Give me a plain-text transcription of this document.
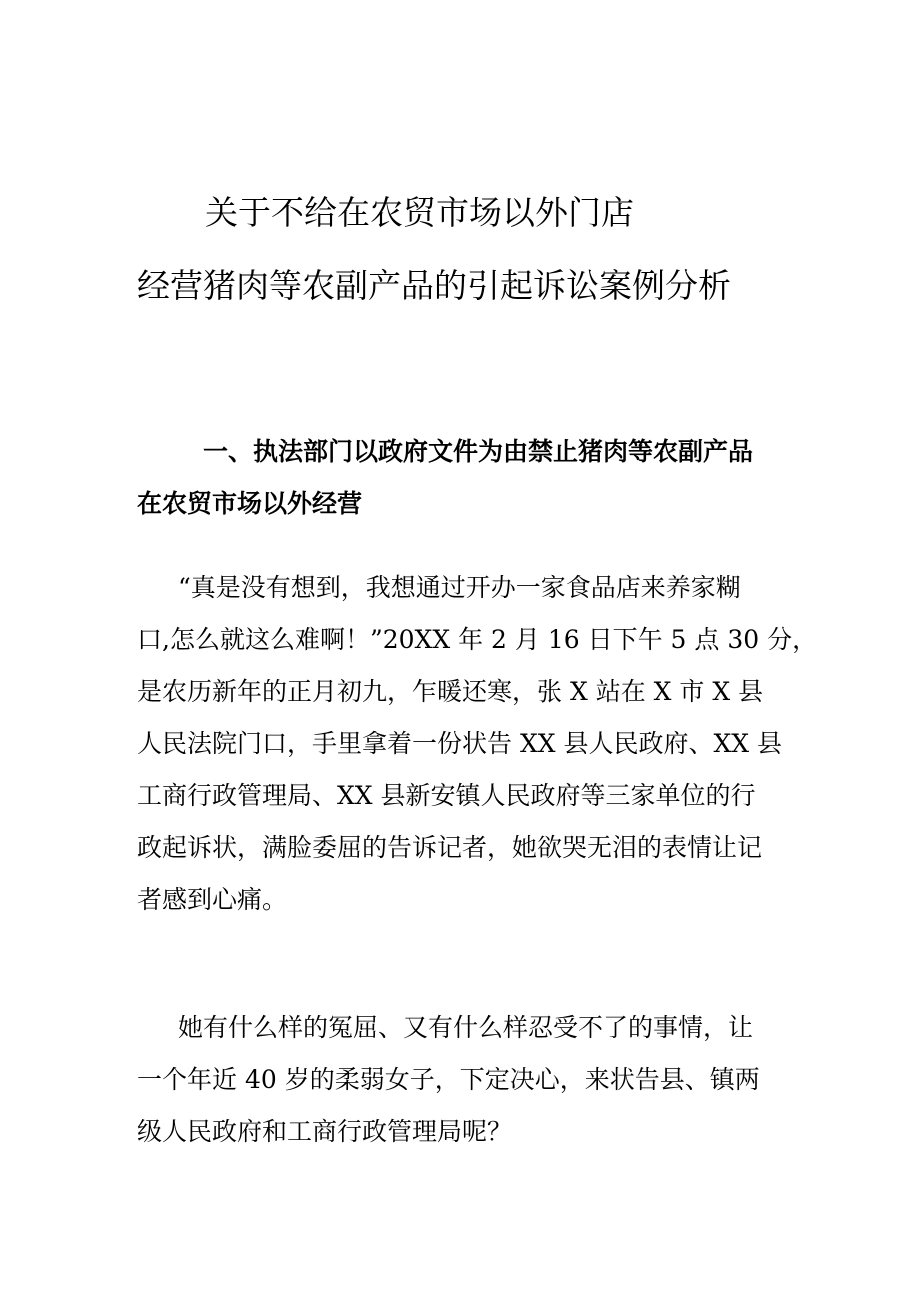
关于不给在农贸市场以外门店
经营猪肉等农副产品的引起诉讼案例分析
一、执法部门以政府文件为由禁止猪肉等农副产品
在农贸市场以外经营

“真是没有想到，我想通过开办一家食品店来养家糊
口,怎么就这么难啊！”20XX 年 2 月 16 日下午 5 点 30 分，
是农历新年的正月初九，乍暖还寒，张 X 站在 X 市 X 县
人民法院门口，手里拿着一份状告 XX 县人民政府、XX 县
工商行政管理局、XX 县新安镇人民政府等三家单位的行
政起诉状，满脸委屈的告诉记者，她欲哭无泪的表情让记
者感到心痛。

她有什么样的冤屈、又有什么样忍受不了的事情，让
一个年近 40 岁的柔弱女子，下定决心，来状告县、镇两
级人民政府和工商行政管理局呢？
